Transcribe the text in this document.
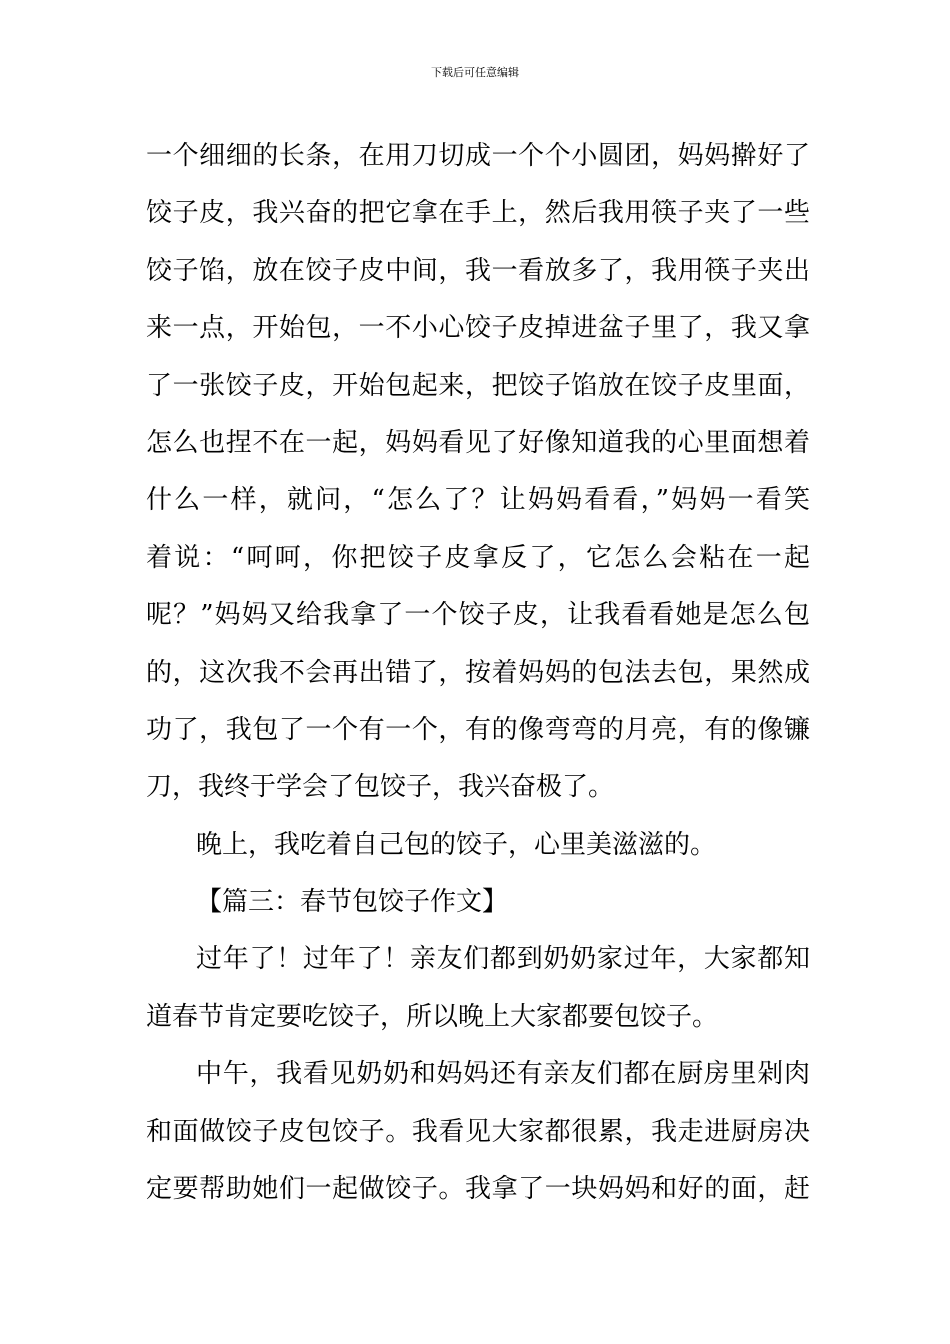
下载后可任意编辑
一个细细的长条，在用刀切成一个个小圆团，妈妈擀好了
饺子皮，我兴奋的把它拿在手上，然后我用筷子夹了一些
饺子馅，放在饺子皮中间，我一看放多了，我用筷子夹出
来一点，开始包，一不小心饺子皮掉进盆子里了，我又拿
了一张饺子皮，开始包起来，把饺子馅放在饺子皮里面，
怎么也捏不在一起，妈妈看见了好像知道我的心里面想着
什么一样，就问，“怎么了？让妈妈看看，”妈妈一看笑
着说：“呵呵，你把饺子皮拿反了，它怎么会粘在一起
呢？”妈妈又给我拿了一个饺子皮，让我看看她是怎么包
的，这次我不会再出错了，按着妈妈的包法去包，果然成
功了，我包了一个有一个，有的像弯弯的月亮，有的像镰
刀，我终于学会了包饺子，我兴奋极了。
晚上，我吃着自己包的饺子，心里美滋滋的。
【篇三：春节包饺子作文】
过年了！过年了！亲友们都到奶奶家过年，大家都知
道春节肯定要吃饺子，所以晚上大家都要包饺子。
中午，我看见奶奶和妈妈还有亲友们都在厨房里剁肉
和面做饺子皮包饺子。我看见大家都很累，我走进厨房决
定要帮助她们一起做饺子。我拿了一块妈妈和好的面，赶
